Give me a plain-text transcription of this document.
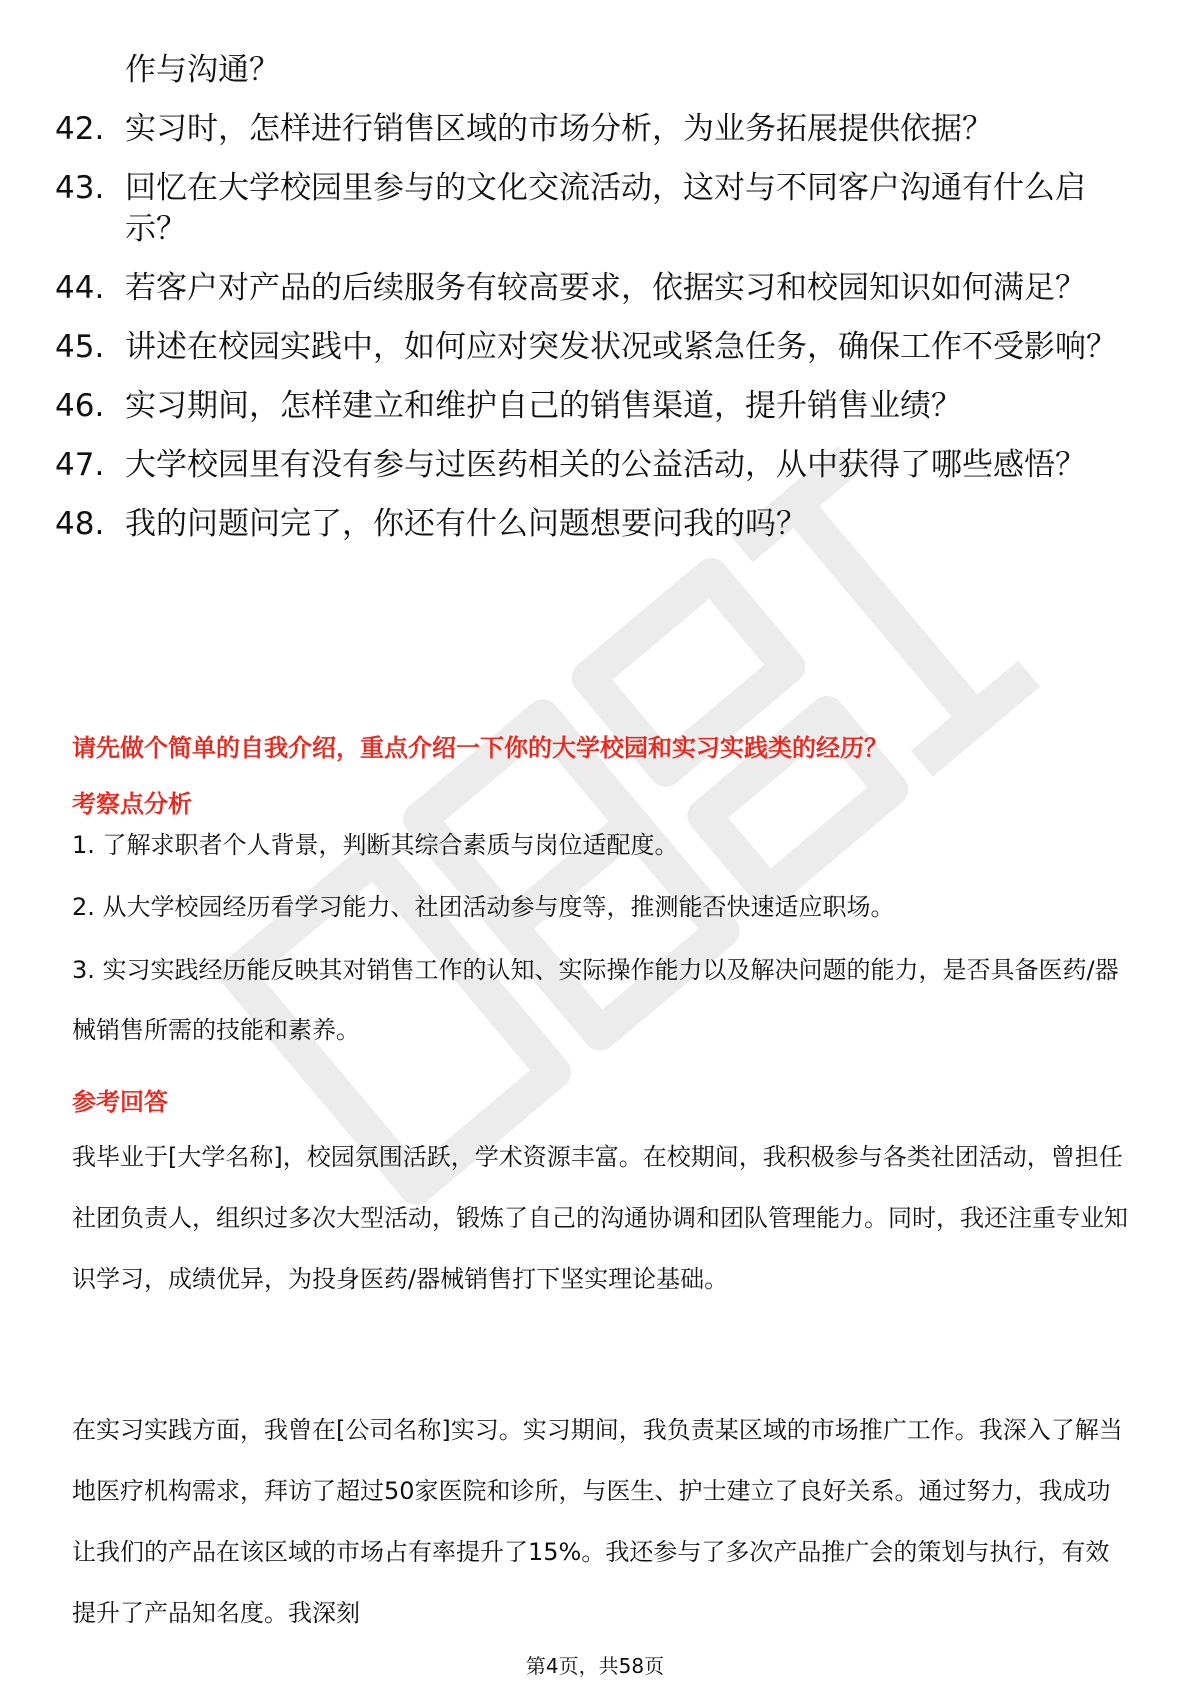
作与沟通？
42. 实习时，怎样进行销售区域的市场分析，为业务拓展提供依据？
43. 回忆在大学校园里参与的文化交流活动，这对与不同客户沟通有什么启示？
44. 若客户对产品的后续服务有较高要求，依据实习和校园知识如何满足？
45. 讲述在校园实践中，如何应对突发状况或紧急任务，确保工作不受影响？
46. 实习期间，怎样建立和维护自己的销售渠道，提升销售业绩？
47. 大学校园里有没有参与过医药相关的公益活动，从中获得了哪些感悟？
48. 我的问题问完了，你还有什么问题想要问我的吗？
请先做个简单的自我介绍，重点介绍一下你的大学校园和实习实践类的经历？
考察点分析

1. 了解求职者个人背景，判断其综合素质与岗位适配度。

2. 从大学校园经历看学习能力、社团活动参与度等，推测能否快速适应职场。

3. 实习实践经历能反映其对销售工作的认知、实际操作能力以及解决问题的能力，是否具备医药/器械销售所需的技能和素养。

参考回答

我毕业于[大学名称]，校园氛围活跃，学术资源丰富。在校期间，我积极参与各类社团活动，曾担任社团负责人，组织过多次大型活动，锻炼了自己的沟通协调和团队管理能力。同时，我还注重专业知识学习，成绩优异，为投身医药/器械销售打下坚实理论基础。

在实习实践方面，我曾在[公司名称]实习。实习期间，我负责某区域的市场推广工作。我深入了解当地医疗机构需求，拜访了超过50家医院和诊所，与医生、护士建立了良好关系。通过努力，我成功让我们的产品在该区域的市场占有率提升了15%。我还参与了多次产品推广会的策划与执行，有效提升了产品知名度。我深刻

第4页，共58页
